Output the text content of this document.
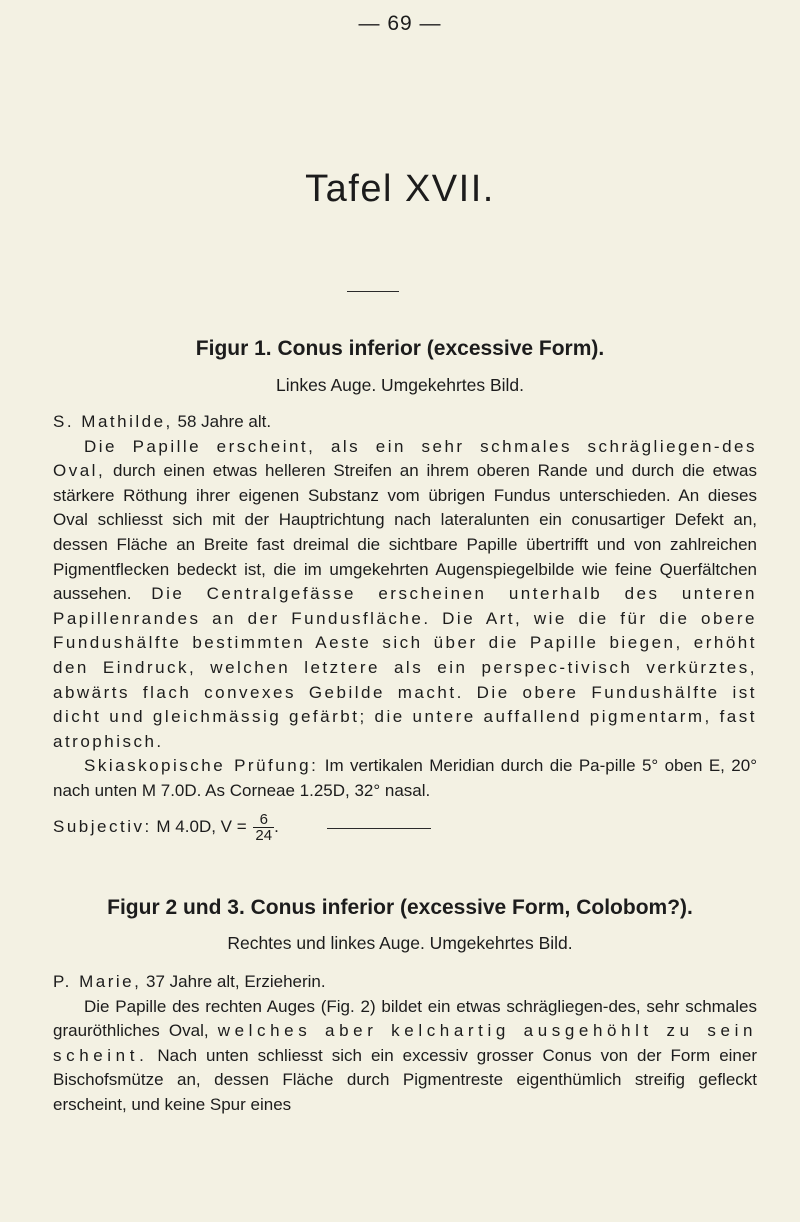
— 69 —
Tafel XVII.
Figur 1. Conus inferior (excessive Form).
Linkes Auge. Umgekehrtes Bild.

S. Mathilde, 58 Jahre alt.

Die Papille erscheint, als ein sehr schmales schrägliegen-des Oval, durch einen etwas helleren Streifen an ihrem oberen Rande und durch die etwas stärkere Röthung ihrer eigenen Substanz vom übrigen Fundus unterschieden. An dieses Oval schliesst sich mit der Hauptrichtung nach lateralunten ein conusartiger Defekt an, dessen Fläche an Breite fast dreimal die sichtbare Papille übertrifft und von zahlreichen Pigmentflecken bedeckt ist, die im umgekehrten Augenspiegelbilde wie feine Querfältchen aussehen. Die Centralgefässe erscheinen unterhalb des unteren Papillenrandes an der Fundusfläche. Die Art, wie die für die obere Fundushälfte bestimmten Aeste sich über die Papille biegen, erhöht den Eindruck, welchen letztere als ein perspec-tivisch verkürztes, abwärts flach convexes Gebilde macht. Die obere Fundushälfte ist dicht und gleichmässig gefärbt; die untere auffallend pigmentarm, fast atrophisch.

Skiaskopische Prüfung: Im vertikalen Meridian durch die Pa-pille 5° oben E, 20° nach unten M 7.0D. As Corneae 1.25D, 32° nasal.

Subjectiv: M 4.0D, $V = \frac{6}{24}$ .

Figur 2 und 3. Conus inferior (excessive Form, Colobom?).
Rechtes und linkes Auge. Umgekehrtes Bild.

P. Marie, 37 Jahre alt, Erzieherin.

Die Papille des rechten Auges (Fig. 2) bildet ein etwas schrägliegen-des, sehr schmales grauröthliches Oval, welches aber kelchartig ausgehöhlt zu sein scheint. Nach unten schliesst sich ein excessiv grosser Conus von der Form einer Bischofsmütze an, dessen Fläche durch Pigmentreste eigenthümlich streifig gefleckt erscheint, und keine Spur eines
